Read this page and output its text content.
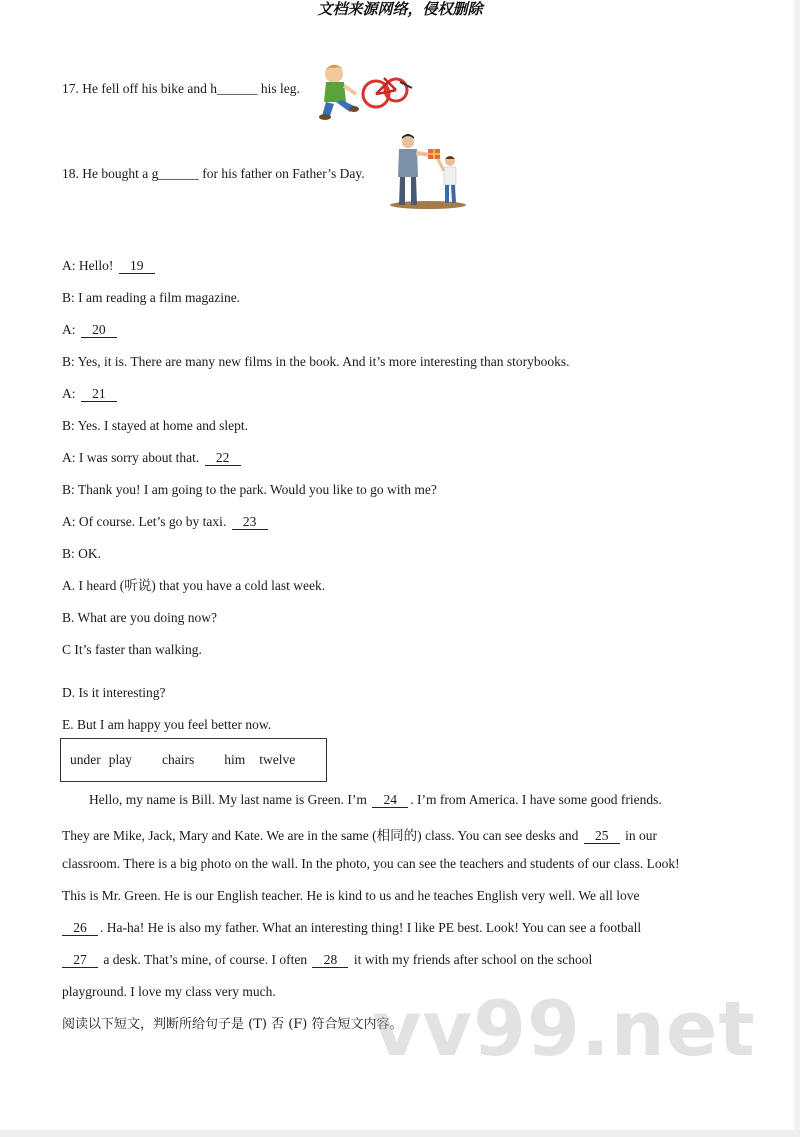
文档来源网络，侵权删除
17. He fell off his bike and h______ his leg.
18. He bought a g______ for his father on Father’s Day.
A: Hello! 19
B: I am reading a film magazine.
A: 20
B: Yes, it is. There are many new films in the book. And it’s more interesting than storybooks.
A: 21
B: Yes. I stayed at home and slept.
A: I was sorry about that. 22
B: Thank you! I am going to the park. Would you like to go with me?
A: Of course. Let’s go by taxi. 23
B: OK.
A. I heard (听说) that you have a cold last week.
B. What are you doing now?
C It’s faster than walking.
D. Is it interesting?
E. But I am happy you feel better now.
under play chairs him twelve
Hello, my name is Bill. My last name is Green. I’m 24 . I’m from America. I have some good friends.
They are Mike, Jack, Mary and Kate. We are in the same (相同的) class. You can see desks and 25 in our
classroom. There is a big photo on the wall. In the photo, you can see the teachers and students of our class. Look!
This is Mr. Green. He is our English teacher. He is kind to us and he teaches English very well. We all love
26 . Ha-ha! He is also my father. What an interesting thing! I like PE best. Look! You can see a football
27 a desk. That’s mine, of course. I often 28 it with my friends after school on the school
playground. I love my class very much.
阅读以下短文，判断所给句子是 (T) 否 (F) 符合短文内容。
vv99.net
